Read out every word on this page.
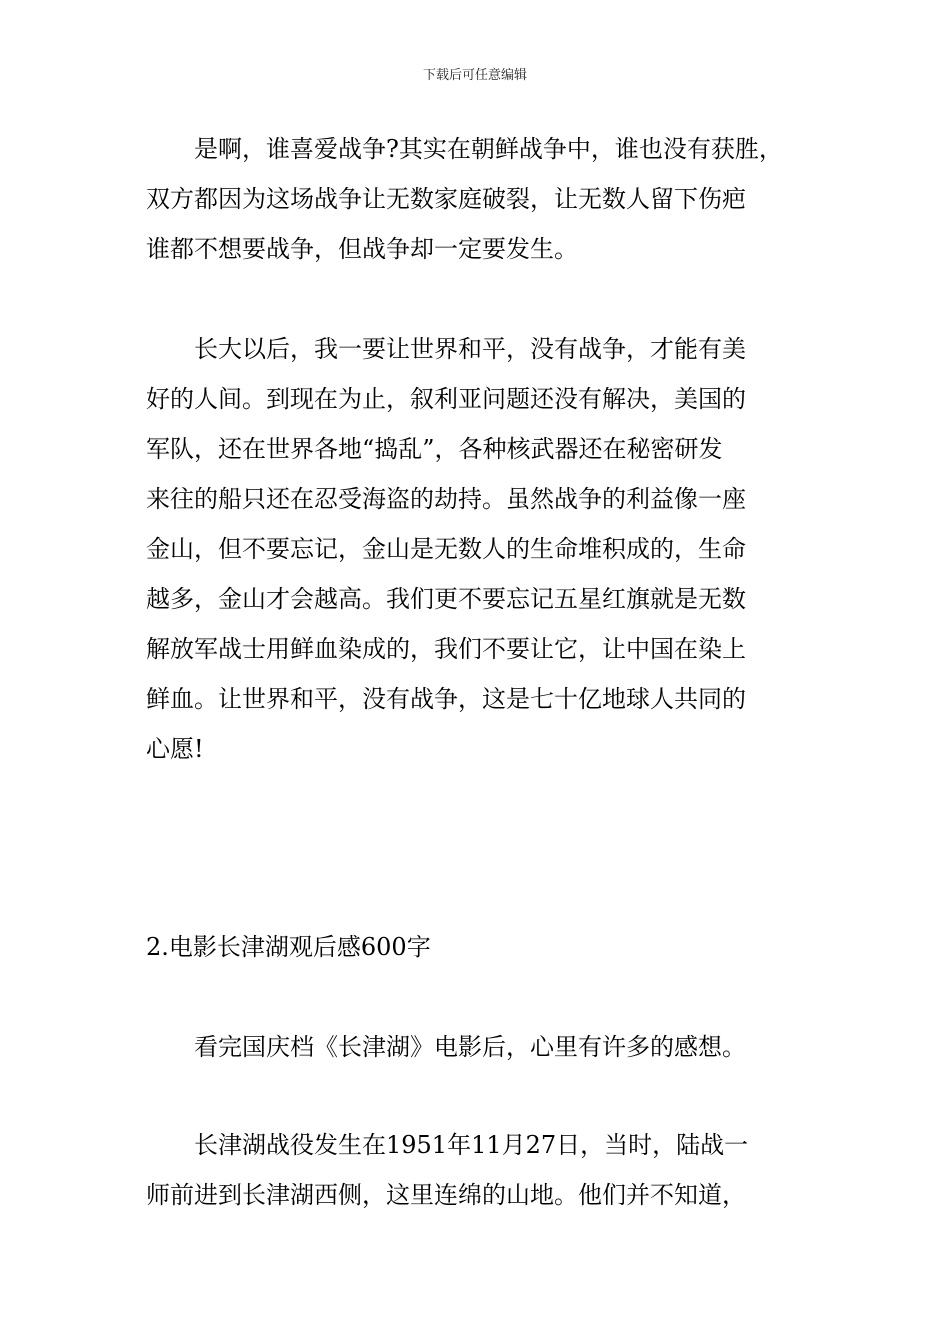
下载后可任意编辑

是啊，谁喜爱战争?其实在朝鲜战争中，谁也没有获胜，
双方都因为这场战争让无数家庭破裂，让无数人留下伤疤
谁都不想要战争，但战争却一定要发生。

长大以后，我一要让世界和平，没有战争，才能有美
好的人间。到现在为止，叙利亚问题还没有解决，美国的
军队，还在世界各地“捣乱”，各种核武器还在秘密研发
来往的船只还在忍受海盗的劫持。虽然战争的利益像一座
金山，但不要忘记，金山是无数人的生命堆积成的，生命
越多，金山才会越高。我们更不要忘记五星红旗就是无数
解放军战士用鲜血染成的，我们不要让它，让中国在染上
鲜血。让世界和平，没有战争，这是七十亿地球人共同的
心愿!

2.电影长津湖观后感600字

看完国庆档《长津湖》电影后，心里有许多的感想。

长津湖战役发生在1951年11月27日，当时，陆战一
师前进到长津湖西侧，这里连绵的山地。他们并不知道，
